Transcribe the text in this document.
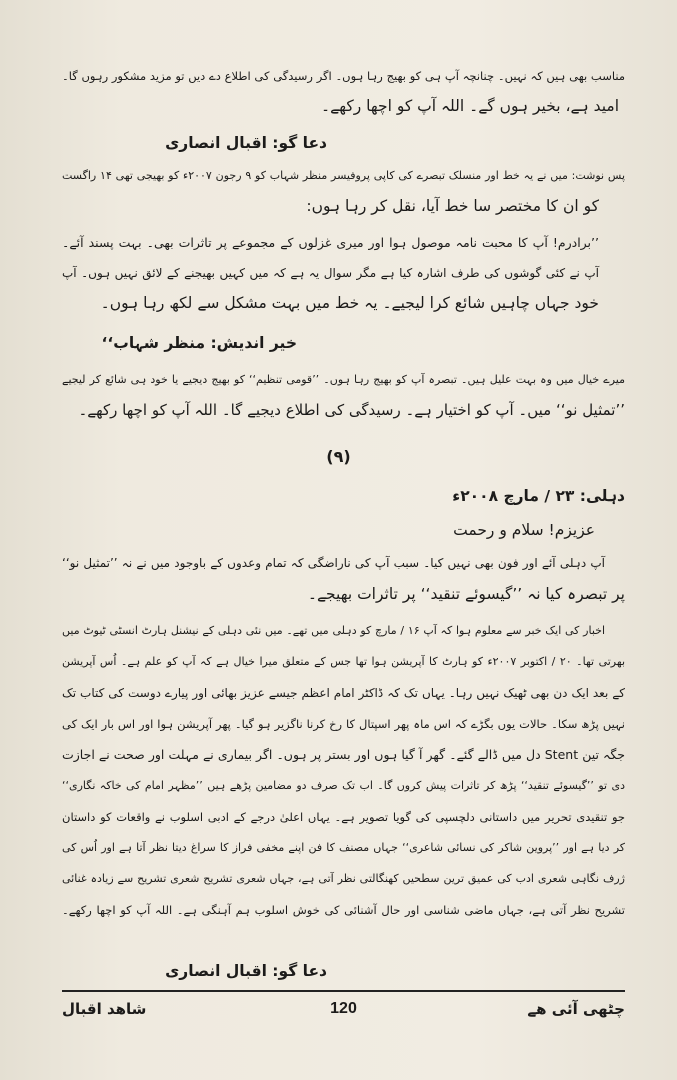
مناسب بھی ہیں کہ نہیں۔ چنانچہ آپ ہی کو بھیج رہا ہوں۔ اگر رسیدگی کی اطلاع دے دیں تو مزید مشکور رہوں گا۔

امید ہے، بخیر ہوں گے۔ اللہ آپ کو اچھا رکھے۔

دعا گو: اقبال انصاری

پس نوشت: میں نے یہ خط اور منسلک تبصرے کی کاپی پروفیسر منظر شہاب کو ۹ رجون ۲۰۰۷ء کو بھیجی تھی ۱۴ راگست

کو ان کا مختصر سا خط آیا، نقل کر رہا ہوں:

’’برادرم! آپ کا محبت نامہ موصول ہوا اور میری غزلوں کے مجموعے پر تاثرات بھی۔ بہت پسند آئے۔

آپ نے کئی گوشوں کی طرف اشارہ کیا ہے مگر سوال یہ ہے کہ میں کہیں بھیجنے کے لائق نہیں ہوں۔ آپ

خود جہاں چاہیں شائع کرا لیجیے۔ یہ خط میں بہت مشکل سے لکھ رہا ہوں۔

خیر اندیش: منظر شہاب‘‘

میرے خیال میں وہ بہت علیل ہیں۔ تبصرہ آپ کو بھیج رہا ہوں۔ ’’قومی تنظیم‘‘ کو بھیج دیجیے یا خود ہی شائع کر لیجیے

’’تمثیل نو‘‘ میں۔ آپ کو اختیار ہے۔ رسیدگی کی اطلاع دیجیے گا۔ اللہ آپ کو اچھا رکھے۔

(۹)

دہلی: ۲۳ / مارچ ۲۰۰۸ء

عزیزم! سلام و رحمت

آپ دہلی آئے اور فون بھی نہیں کیا۔ سبب آپ کی ناراضگی کہ تمام وعدوں کے باوجود میں نے نہ ’’تمثیل نو‘‘

پر تبصرہ کیا نہ ’’گیسوئے تنقید‘‘ پر تاثرات بھیجے۔

اخبار کی ایک خبر سے معلوم ہوا کہ آپ ۱۶ / مارچ کو دہلی میں تھے۔ میں نئی دہلی کے نیشنل ہارٹ انسٹی ٹیوٹ میں

بھرتی تھا۔ ۲۰ / اکتوبر ۲۰۰۷ء کو ہارٹ کا آپریشن ہوا تھا جس کے متعلق میرا خیال ہے کہ آپ کو علم ہے۔ اُس آپریشن

کے بعد ایک دن بھی ٹھیک نہیں رہا۔ یہاں تک کہ ڈاکٹر امام اعظم جیسے عزیز بھائی اور پیارے دوست کی کتاب تک

نہیں پڑھ سکا۔ حالات یوں بگڑے کہ اس ماہ پھر اسپتال کا رخ کرنا ناگزیر ہو گیا۔ پھر آپریشن ہوا اور اس بار ایک کی

جگہ تین Stent دل میں ڈالے گئے۔ گھر آ گیا ہوں اور بستر پر ہوں۔ اگر بیماری نے مہلت اور صحت نے اجازت

دی تو ’’گیسوئے تنقید‘‘ پڑھ کر تاثرات پیش کروں گا۔ اب تک صرف دو مضامین پڑھے ہیں ’’مظہر امام کی خاکہ نگاری‘‘

جو تنقیدی تحریر میں داستانی دلچسپی کی گویا تصویر ہے۔ یہاں اعلیٰ درجے کے ادبی اسلوب نے واقعات کو داستان

کر دیا ہے اور ’’پروین شاکر کی نسائی شاعری‘‘ جہاں مصنف کا فن اپنے مخفی فراز کا سراغ دیتا نظر آتا ہے اور اُس کی

ژرف نگاہی شعری ادب کی عمیق ترین سطحیں کھنگالتی نظر آتی ہے، جہاں شعری تشریح شعری تشریح سے زیادہ غنائی

تشریح نظر آتی ہے، جہاں ماضی شناسی اور حال آشنائی کی خوش اسلوب ہم آہنگی ہے۔ اللہ آپ کو اچھا رکھے۔

دعا گو: اقبال انصاری

شاھد اقبال	120	چٹھی آئی ھے
